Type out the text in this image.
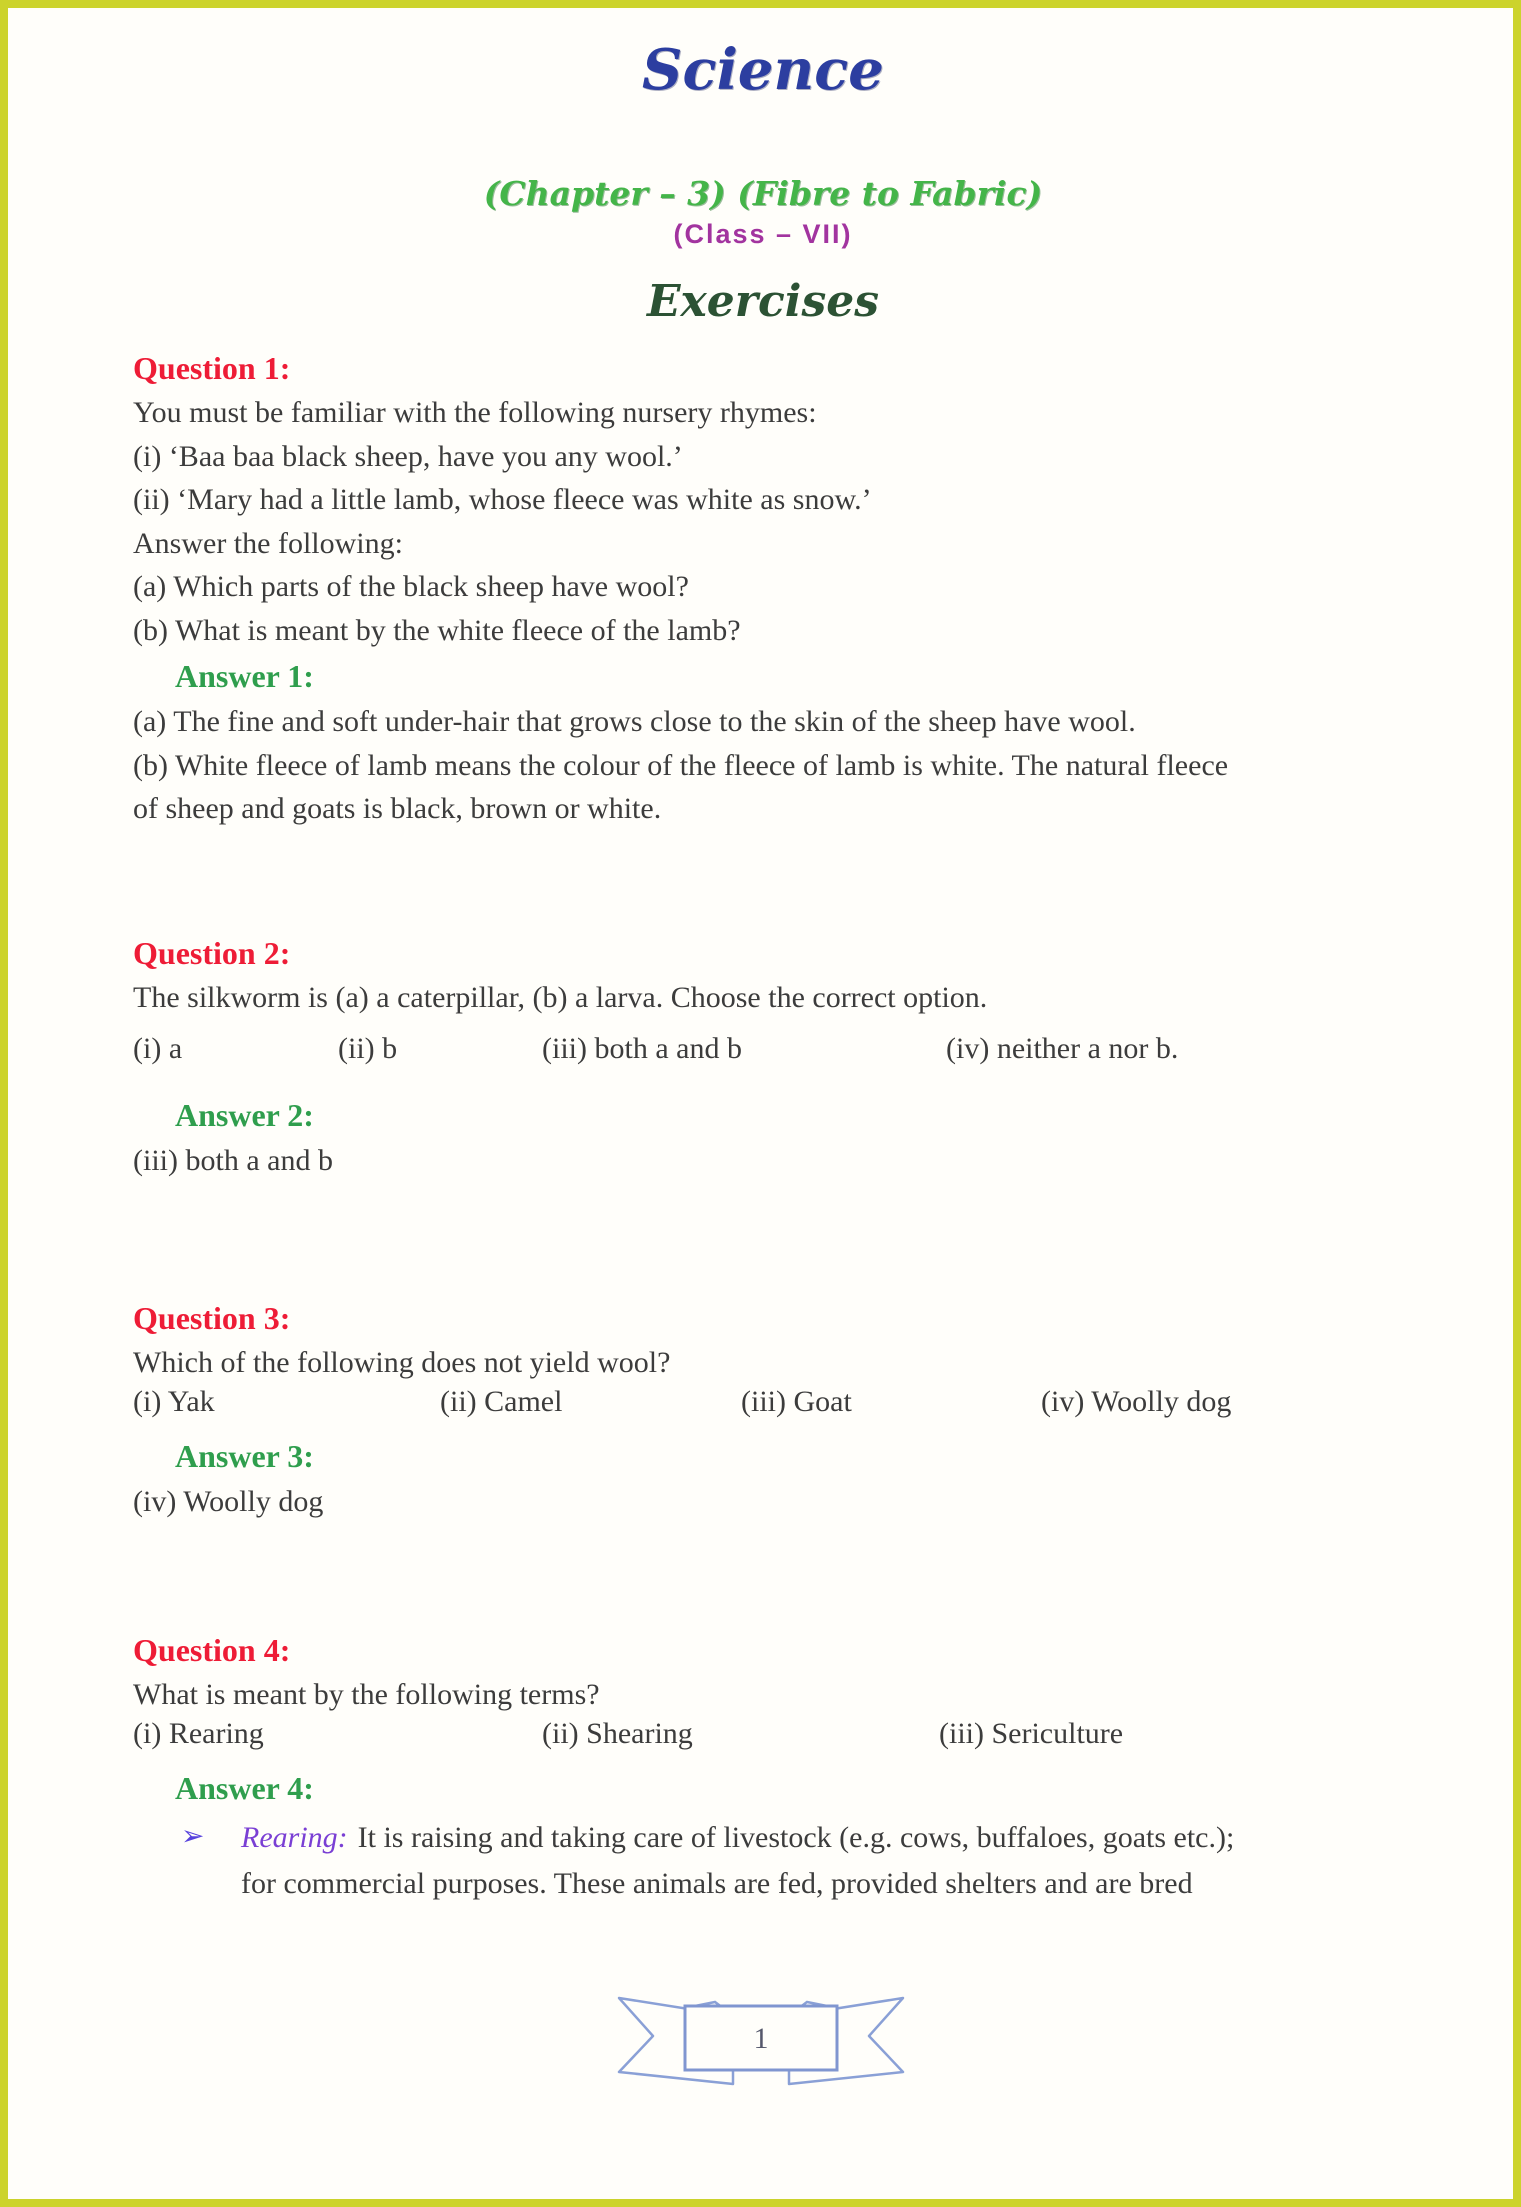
Science
(Chapter – 3) (Fibre to Fabric)
(Class – VII)
Exercises
Question 1:
You must be familiar with the following nursery rhymes:
(i) ‘Baa baa black sheep, have you any wool.’
(ii) ‘Mary had a little lamb, whose fleece was white as snow.’
Answer the following:
(a) Which parts of the black sheep have wool?
(b) What is meant by the white fleece of the lamb?
Answer 1:
(a) The fine and soft under-hair that grows close to the skin of the sheep have wool.
(b) White fleece of lamb means the colour of the fleece of lamb is white. The natural fleece
of sheep and goats is black, brown or white.
Question 2:
The silkworm is (a) a caterpillar, (b) a larva. Choose the correct option.
(i) a	(ii) b	(iii) both a and b	(iv) neither a nor b.
Answer 2:
(iii) both a and b
Question 3:
Which of the following does not yield wool?
(i) Yak	(ii) Camel	(iii) Goat	(iv) Woolly dog
Answer 3:
(iv) Woolly dog
Question 4:
What is meant by the following terms?
(i) Rearing	(ii) Shearing	(iii) Sericulture
Answer 4:
➢ Rearing: It is raising and taking care of livestock (e.g. cows, buffaloes, goats etc.);
for commercial purposes. These animals are fed, provided shelters and are bred
1
